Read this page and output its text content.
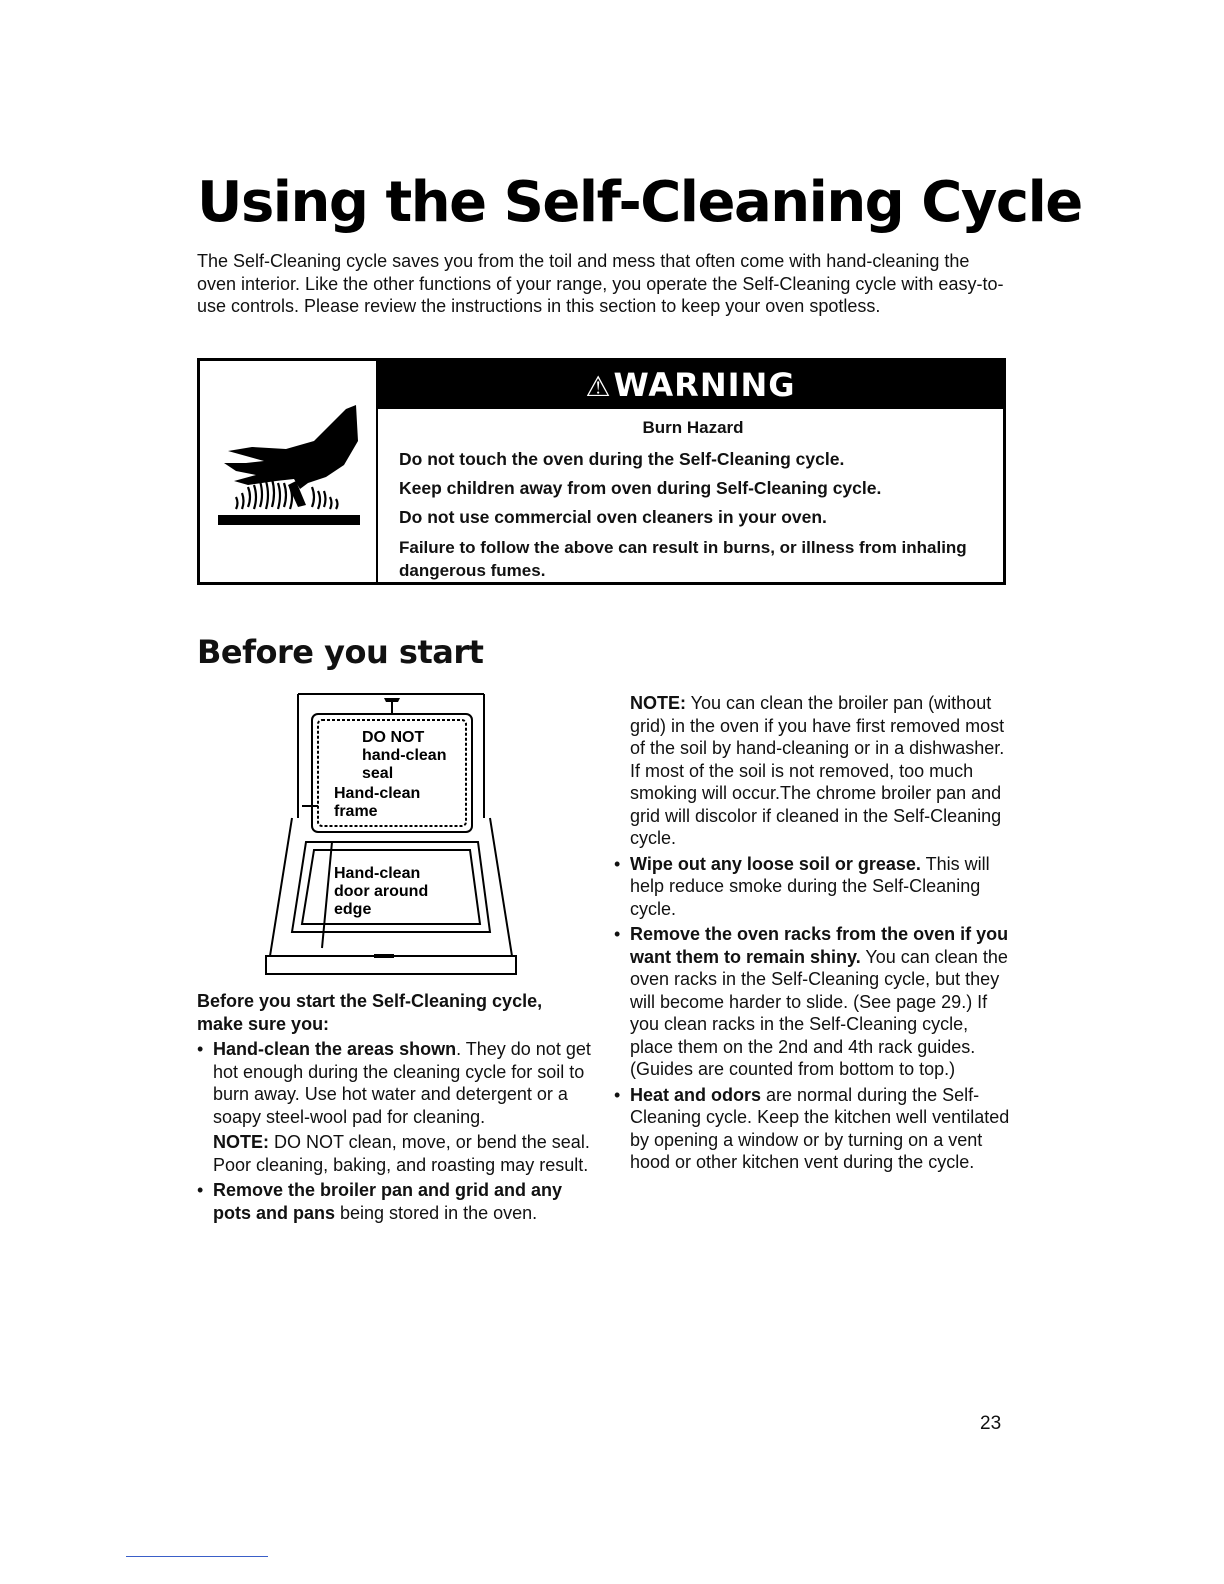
Using the Self-Cleaning Cycle

The Self-Cleaning cycle saves you from the toil and mess that often come with hand-cleaning the oven interior. Like the other functions of your range, you operate the Self-Cleaning cycle with easy-to-use controls. Please review the instructions in this section to keep your oven spotless.

⚠WARNING

Burn Hazard

Do not touch the oven during the Self-Cleaning cycle.

Keep children away from oven during Self-Cleaning cycle.

Do not use commercial oven cleaners in your oven.

Failure to follow the above can result in burns, or illness from inhaling dangerous fumes.

Before you start
DO NOT
hand-clean
seal
Hand-clean
frame
Hand-clean
door around
edge

Before you start the Self-Cleaning cycle, make sure you:

• Hand-clean the areas shown. They do not get hot enough during the cleaning cycle for soil to burn away. Use hot water and detergent or a soapy steel-wool pad for cleaning.

NOTE: DO NOT clean, move, or bend the seal. Poor cleaning, baking, and roasting may result.

• Remove the broiler pan and grid and any pots and pans being stored in the oven.

NOTE: You can clean the broiler pan (without grid) in the oven if you have first removed most of the soil by hand-cleaning or in a dishwasher. If most of the soil is not removed, too much smoking will occur.The chrome broiler pan and grid will discolor if cleaned in the Self-Cleaning cycle.

• Wipe out any loose soil or grease. This will help reduce smoke during the Self-Cleaning cycle.

• Remove the oven racks from the oven if you want them to remain shiny. You can clean the oven racks in the Self-Cleaning cycle, but they will become harder to slide. (See page 29.) If you clean racks in the Self-Cleaning cycle, place them on the 2nd and 4th rack guides. (Guides are counted from bottom to top.)

• Heat and odors are normal during the Self-Cleaning cycle. Keep the kitchen well ventilated by opening a window or by turning on a vent hood or other kitchen vent during the cycle.

23
